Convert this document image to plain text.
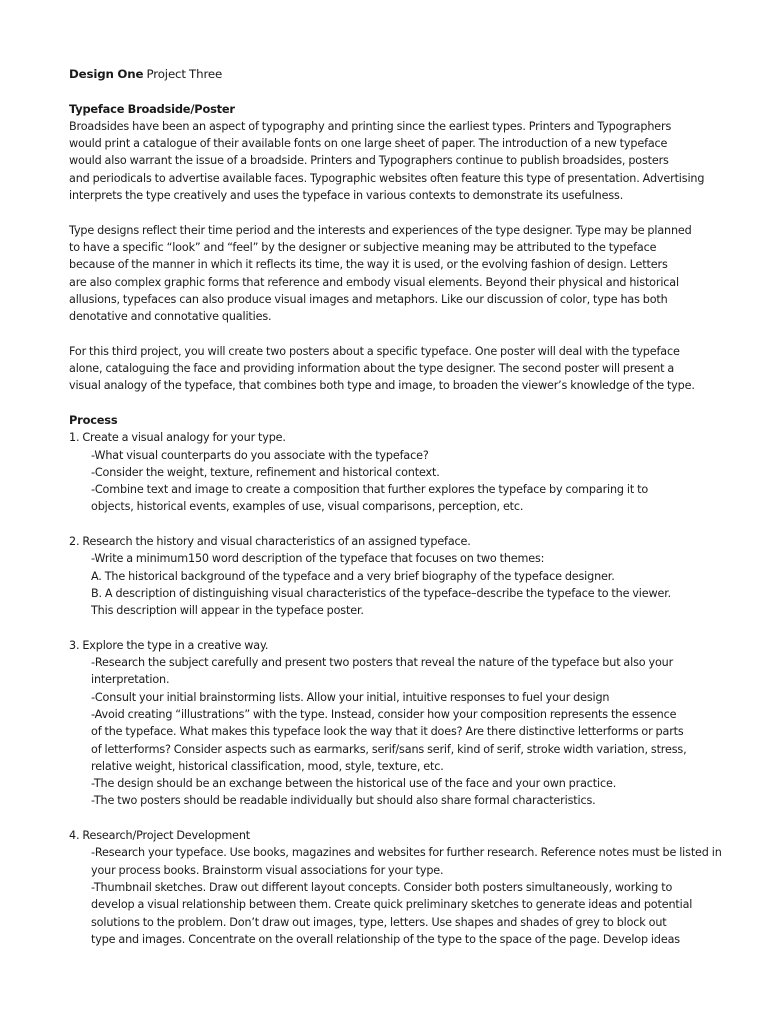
Design One Project Three
Typeface Broadside/Poster
Broadsides have been an aspect of typography and printing since the earliest types. Printers and Typographers
would print a catalogue of their available fonts on one large sheet of paper. The introduction of a new typeface
would also warrant the issue of a broadside. Printers and Typographers continue to publish broadsides, posters
and periodicals to advertise available faces. Typographic websites often feature this type of presentation. Advertising
interprets the type creatively and uses the typeface in various contexts to demonstrate its usefulness.
Type designs reflect their time period and the interests and experiences of the type designer. Type may be planned
to have a specific “look” and “feel” by the designer or subjective meaning may be attributed to the typeface
because of the manner in which it reflects its time, the way it is used, or the evolving fashion of design. Letters
are also complex graphic forms that reference and embody visual elements. Beyond their physical and historical
allusions, typefaces can also produce visual images and metaphors. Like our discussion of color, type has both
denotative and connotative qualities.
For this third project, you will create two posters about a specific typeface. One poster will deal with the typeface
alone, cataloguing the face and providing information about the type designer. The second poster will present a
visual analogy of the typeface, that combines both type and image, to broaden the viewer’s knowledge of the type.
Process
1. Create a visual analogy for your type.
-What visual counterparts do you associate with the typeface?
-Consider the weight, texture, refinement and historical context.
-Combine text and image to create a composition that further explores the typeface by comparing it to
objects, historical events, examples of use, visual comparisons, perception, etc.
2. Research the history and visual characteristics of an assigned typeface.
-Write a minimum150 word description of the typeface that focuses on two themes:
A. The historical background of the typeface and a very brief biography of the typeface designer.
B. A description of distinguishing visual characteristics of the typeface–describe the typeface to the viewer.
This description will appear in the typeface poster.
3. Explore the type in a creative way.
-Research the subject carefully and present two posters that reveal the nature of the typeface but also your
interpretation.
-Consult your initial brainstorming lists. Allow your initial, intuitive responses to fuel your design
-Avoid creating “illustrations” with the type. Instead, consider how your composition represents the essence
of the typeface. What makes this typeface look the way that it does? Are there distinctive letterforms or parts
of letterforms? Consider aspects such as earmarks, serif/sans serif, kind of serif, stroke width variation, stress,
relative weight, historical classification, mood, style, texture, etc.
-The design should be an exchange between the historical use of the face and your own practice.
-The two posters should be readable individually but should also share formal characteristics.
4. Research/Project Development
-Research your typeface. Use books, magazines and websites for further research. Reference notes must be listed in
your process books. Brainstorm visual associations for your type.
-Thumbnail sketches. Draw out different layout concepts. Consider both posters simultaneously, working to
develop a visual relationship between them. Create quick preliminary sketches to generate ideas and potential
solutions to the problem. Don’t draw out images, type, letters. Use shapes and shades of grey to block out
type and images. Concentrate on the overall relationship of the type to the space of the page. Develop ideas
